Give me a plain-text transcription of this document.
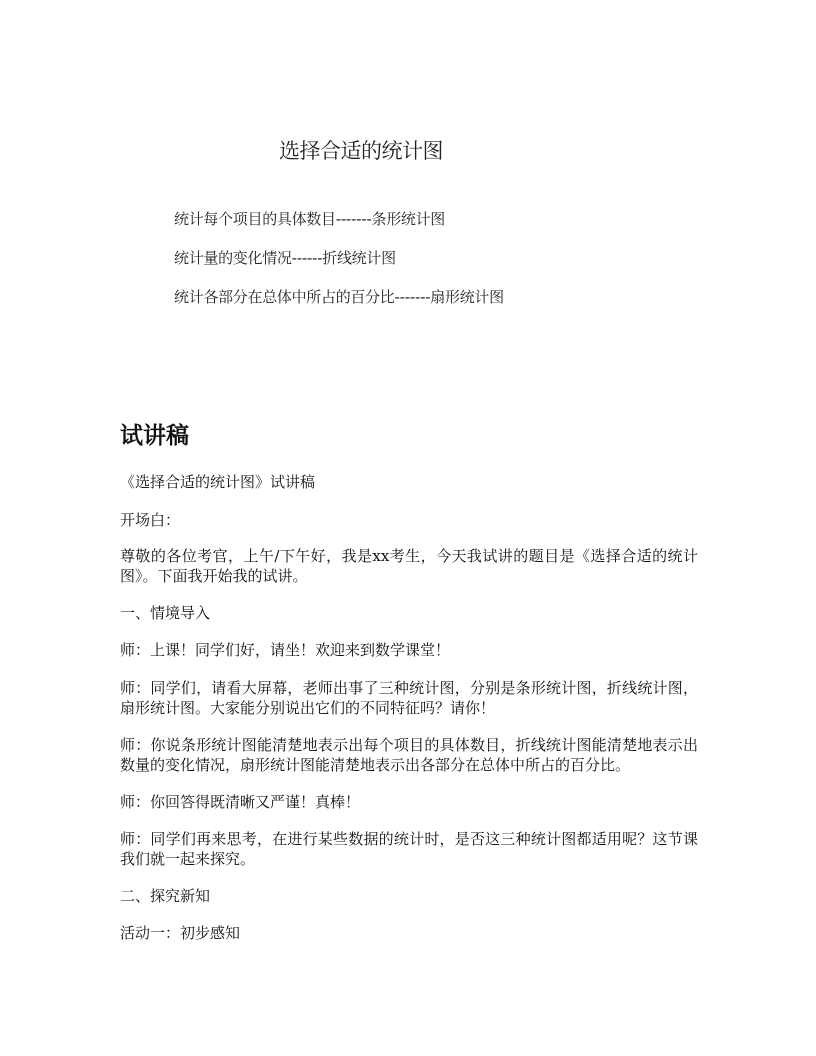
选择合适的统计图
统计每个项目的具体数目-------条形统计图
统计量的变化情况------折线统计图
统计各部分在总体中所占的百分比-------扇形统计图
试讲稿
《选择合适的统计图》试讲稿
开场白：
尊敬的各位考官，上午/下午好，我是xx考生，今天我试讲的题目是《选择合适的统计图》。下面我开始我的试讲。
一、情境导入
师：上课！同学们好，请坐！欢迎来到数学课堂！
师：同学们，请看大屏幕，老师出事了三种统计图，分别是条形统计图，折线统计图，扇形统计图。大家能分别说出它们的不同特征吗？请你！
师：你说条形统计图能清楚地表示出每个项目的具体数目，折线统计图能清楚地表示出数量的变化情况，扇形统计图能清楚地表示出各部分在总体中所占的百分比。
师：你回答得既清晰又严谨！真棒！
师：同学们再来思考，在进行某些数据的统计时，是否这三种统计图都适用呢？这节课我们就一起来探究。
二、探究新知
活动一：初步感知
